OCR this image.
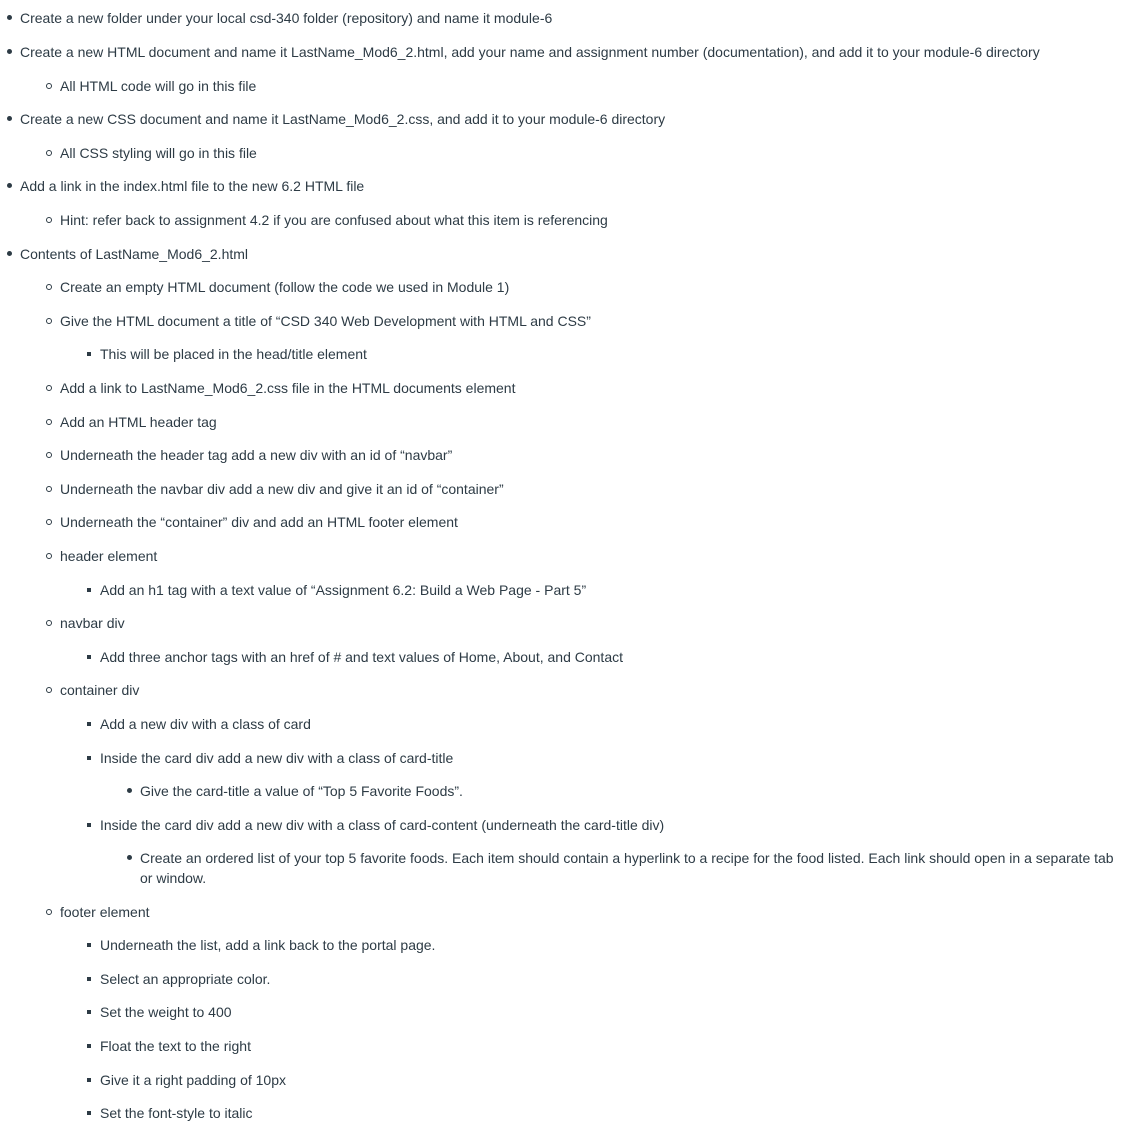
Create a new folder under your local csd-340 folder (repository) and name it module-6
Create a new HTML document and name it LastName_Mod6_2.html, add your name and assignment number (documentation), and add it to your module-6 directory
All HTML code will go in this file
Create a new CSS document and name it LastName_Mod6_2.css, and add it to your module-6 directory
All CSS styling will go in this file
Add a link in the index.html file to the new 6.2 HTML file
Hint: refer back to assignment 4.2 if you are confused about what this item is referencing
Contents of LastName_Mod6_2.html
Create an empty HTML document (follow the code we used in Module 1)
Give the HTML document a title of “CSD 340 Web Development with HTML and CSS”
This will be placed in the head/title element
Add a link to LastName_Mod6_2.css file in the HTML documents element
Add an HTML header tag
Underneath the header tag add a new div with an id of “navbar”
Underneath the navbar div add a new div and give it an id of “container”
Underneath the “container” div and add an HTML footer element
header element
Add an h1 tag with a text value of “Assignment 6.2: Build a Web Page - Part 5”
navbar div
Add three anchor tags with an href of # and text values of Home, About, and Contact
container div
Add a new div with a class of card
Inside the card div add a new div with a class of card-title
Give the card-title a value of “Top 5 Favorite Foods”.
Inside the card div add a new div with a class of card-content (underneath the card-title div)
Create an ordered list of your top 5 favorite foods. Each item should contain a hyperlink to a recipe for the food listed. Each link should open in a separate tab or window.
footer element
Underneath the list, add a link back to the portal page.
Select an appropriate color.
Set the weight to 400
Float the text to the right
Give it a right padding of 10px
Set the font-style to italic
